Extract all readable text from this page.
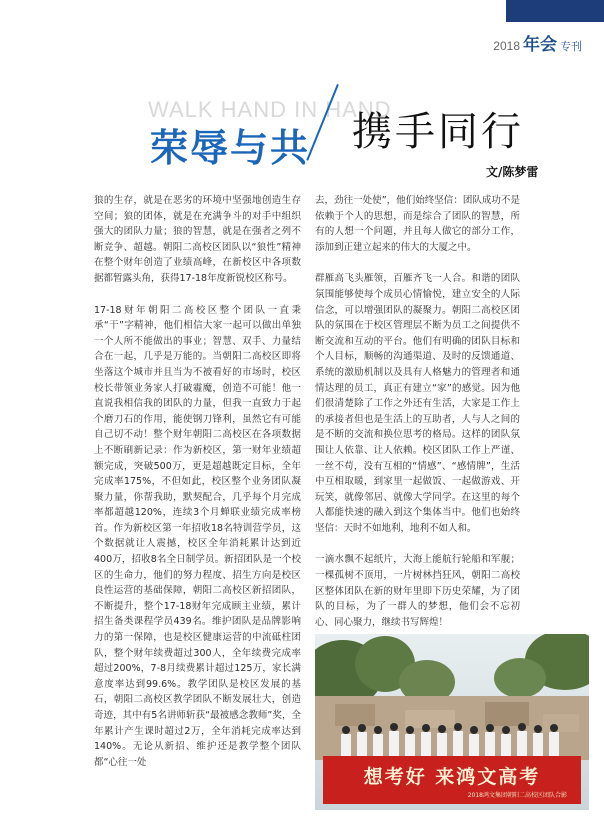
2018 年会 专刊
WALK HAND IN HAND
荣辱与共 携手同行
文/陈梦雷

狼的生存，就是在恶劣的环境中坚强地创造生存空间；狼的团体，就是在充满争斗的对手中组织强大的团队力量；狼的智慧，就是在强者之列不断竞争、超越。朝阳二高校区团队以“狼性”精神在整个财年创造了业绩高峰，在新校区中各项数据都暂露头角，获得17-18年度新锐校区称号。

17-18财年朝阳二高校区整个团队一直秉承“干”字精神，他们相信大家一起可以做出单独一个人所不能做出的事业；智慧、双手、力量结合在一起，几乎是万能的。当朝阳二高校区即将坐落这个城市并且当为不被看好的市场时，校区校长带领业务家人打破霾魔，创造不可能！他一直说我相信我的团队的力量，但我一直致力于起个磨刀石的作用，能使钢刀锋利，虽然它有可能自己切不动！整个财年朝阳二高校区在各项数据上不断刷新记录：作为新校区，第一财年业绩超额完成，突破500万，更是超越既定目标，全年完成率175%，不但如此，校区整个业务团队凝聚力量，你帮我助，默契配合，几乎每个月完成率都超越120%，连续3个月蝉联业绩完成率榜首。作为新校区第一年招收18名特训营学员，这个数据就让人震撼，校区全年消耗累计达到近400万，招收8名全日制学员。新招团队是一个校区的生命力，他们的努力程度、招生方向是校区良性运营的基础保障，朝阳二高校区新招团队，不断提升，整个17-18财年完成顾主业绩，累计招生备类课程学员439名。维护团队是品牌影响力的第一保障，也是校区健康运营的中流砥柱团队，整个财年续费超过300人，全年续费完成率超过200%，7-8月续费累计超过125万，家长满意度率达到99.6%。教学团队是校区发展的基石，朝阳二高校区教学团队不断发展壮大，创造奇迹，其中有5名讲师斩获“最被感念教师”奖，全年累计产生课时超过2万，全年消耗完成率达到140%。无论从新招、维护还是教学整个团队都“心往一处

去，劲往一处使”，他们始终坚信：团队成功不是依赖于个人的思想，而是综合了团队的智慧，所有的人想一个问题，并且每人做它的部分工作，添加到正建立起来的伟大的大厦之中。

群雁高飞头雁领，百雁齐飞一人合。和谐的团队氛围能够使每个成员心情愉悦，建立安全的人际信念，可以增强团队的凝聚力。朝阳二高校区团队的氛围在于校区管理层不断为员工之间提供不断交流和互动的平台。他们有明确的团队目标和个人目标，顺畅的沟通渠道、及时的反馈通道、系统的激励机制以及具有人格魅力的管理者和通情达理的员工，真正有建立“家”的感觉。因为他们很清楚除了工作之外还有生活，大家是工作上的承接者但也是生活上的互助者，人与人之间的是不断的交流和换位思考的格局。这样的团队氛围让人依靠、让人依赖。校区团队工作上严谨、一丝不苟，没有互相的“情感”、“感情牌”，生活中互相取暖，到家里一起做饭、一起做游戏、开玩笑，就像邻居、就像大学同学。在这里的每个人都能快速的融入到这个集体当中。他们也始终坚信：天时不如地利，地利不如人和。

一滴水飘不起纸片，大海上能航行轮船和军舰；一棵孤树不顶用，一片树林挡狂风，朝阳二高校区整体团队在新的财年里即下历史荣耀，为了团队的目标，为了一群人的梦想，他们会不忘初心、同心聚力，继续书写辉煌！

想考好 来鸿文高考
2018鸿文集团朝阳二高校区团队合影
